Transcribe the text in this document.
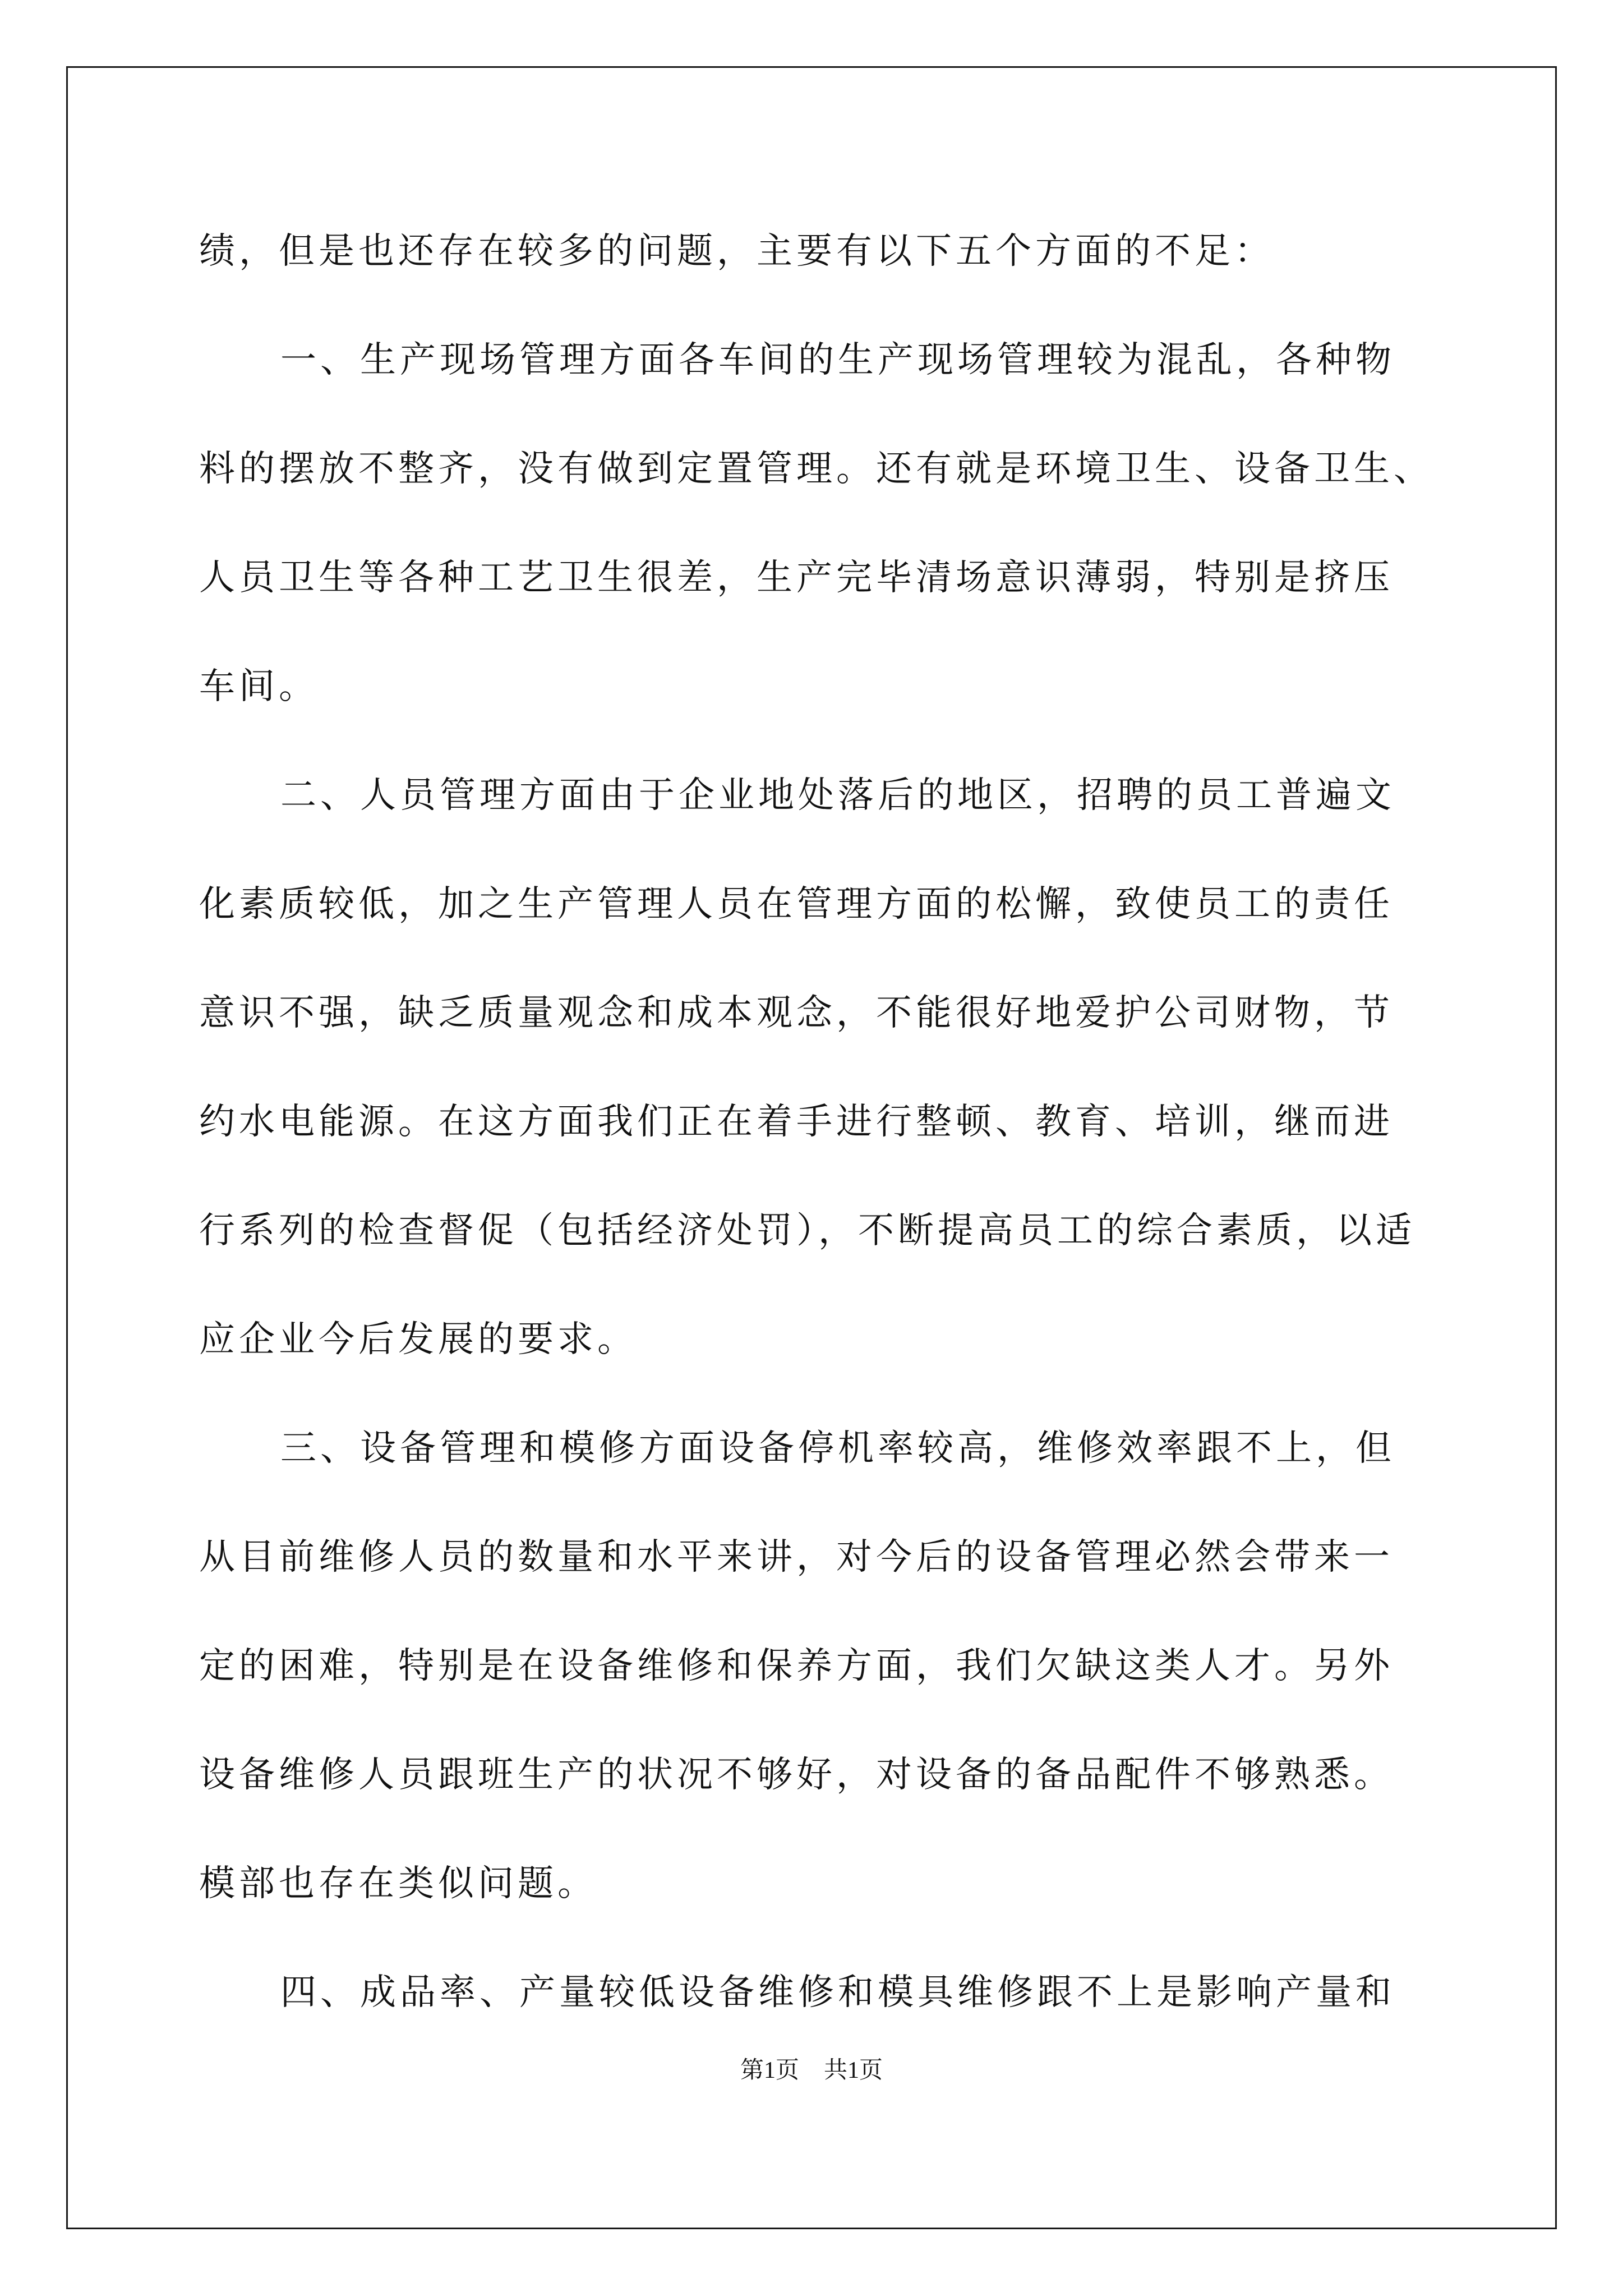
绩，但是也还存在较多的问题，主要有以下五个方面的不足：
一、生产现场管理方面各车间的生产现场管理较为混乱，各种物
料的摆放不整齐，没有做到定置管理。还有就是环境卫生、设备卫生、
人员卫生等各种工艺卫生很差，生产完毕清场意识薄弱，特别是挤压
车间。
二、人员管理方面由于企业地处落后的地区，招聘的员工普遍文
化素质较低，加之生产管理人员在管理方面的松懈，致使员工的责任
意识不强，缺乏质量观念和成本观念，不能很好地爱护公司财物，节
约水电能源。在这方面我们正在着手进行整顿、教育、培训，继而进
行系列的检查督促（包括经济处罚），不断提高员工的综合素质，以适
应企业今后发展的要求。
三、设备管理和模修方面设备停机率较高，维修效率跟不上，但
从目前维修人员的数量和水平来讲，对今后的设备管理必然会带来一
定的困难，特别是在设备维修和保养方面，我们欠缺这类人才。另外
设备维修人员跟班生产的状况不够好，对设备的备品配件不够熟悉。
模部也存在类似问题。
四、成品率、产量较低设备维修和模具维修跟不上是影响产量和
第1页 共1页
